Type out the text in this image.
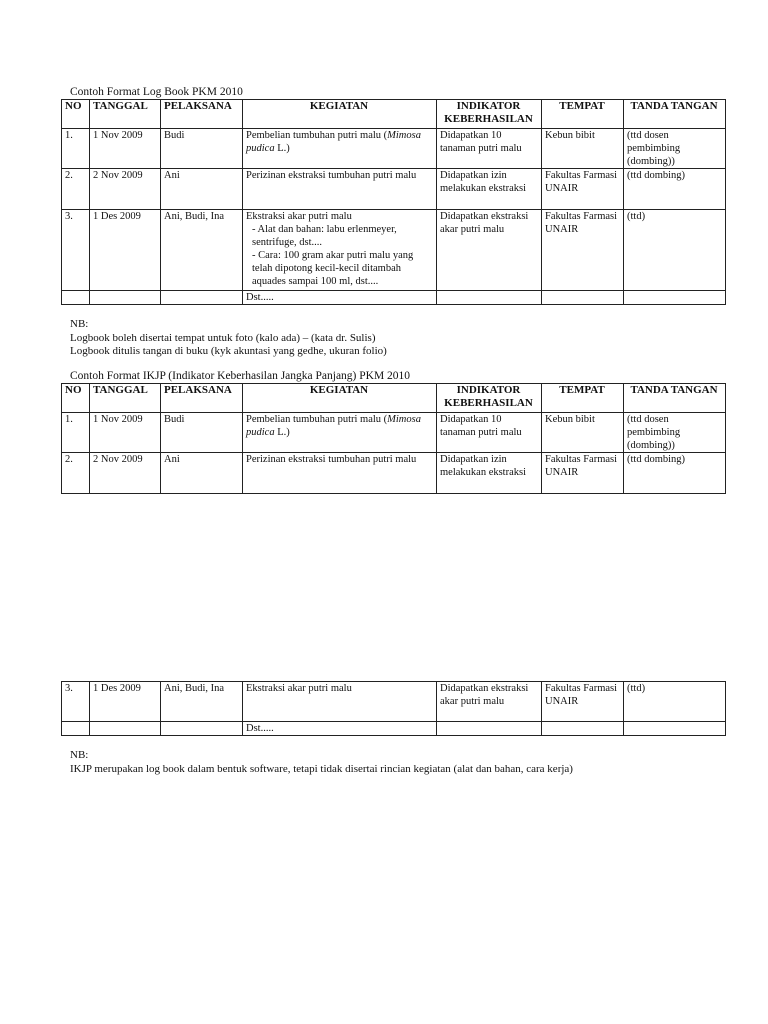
Contoh Format Log Book PKM 2010
NO	TANGGAL	PELAKSANA	KEGIATAN	INDIKATOR KEBERHASILAN	TEMPAT	TANDA TANGAN
1.	1 Nov 2009	Budi	Pembelian tumbuhan putri malu (Mimosa pudica L.)	Didapatkan 10 tanaman putri malu	Kebun bibit	(ttd dosen pembimbing (dombing))
2.	2 Nov 2009	Ani	Perizinan ekstraksi tumbuhan putri malu	Didapatkan izin melakukan ekstraksi	Fakultas Farmasi UNAIR	(ttd dombing)
3.	1 Des 2009	Ani, Budi, Ina	Ekstraksi akar putri malu
- Alat dan bahan: labu erlenmeyer, sentrifuge, dst....
- Cara: 100 gram akar putri malu yang telah dipotong kecil-kecil ditambah aquades sampai 100 ml, dst....	Didapatkan ekstraksi akar putri malu	Fakultas Farmasi UNAIR	(ttd)
			Dst.....			
NB:
Logbook boleh disertai tempat untuk foto (kalo ada) – (kata dr. Sulis)
Logbook ditulis tangan di buku (kyk akuntasi yang gedhe, ukuran folio)
Contoh Format IKJP (Indikator Keberhasilan Jangka Panjang) PKM 2010
NO	TANGGAL	PELAKSANA	KEGIATAN	INDIKATOR KEBERHASILAN	TEMPAT	TANDA TANGAN
1.	1 Nov 2009	Budi	Pembelian tumbuhan putri malu (Mimosa pudica L.)	Didapatkan 10 tanaman putri malu	Kebun bibit	(ttd dosen pembimbing (dombing))
2.	2 Nov 2009	Ani	Perizinan ekstraksi tumbuhan putri malu	Didapatkan izin melakukan ekstraksi	Fakultas Farmasi UNAIR	(ttd dombing)
3.	1 Des 2009	Ani, Budi, Ina	Ekstraksi akar putri malu	Didapatkan ekstraksi akar putri malu	Fakultas Farmasi UNAIR	(ttd)
			Dst.....			
NB:
IKJP merupakan log book dalam bentuk software, tetapi tidak disertai rincian kegiatan (alat dan bahan, cara kerja)
